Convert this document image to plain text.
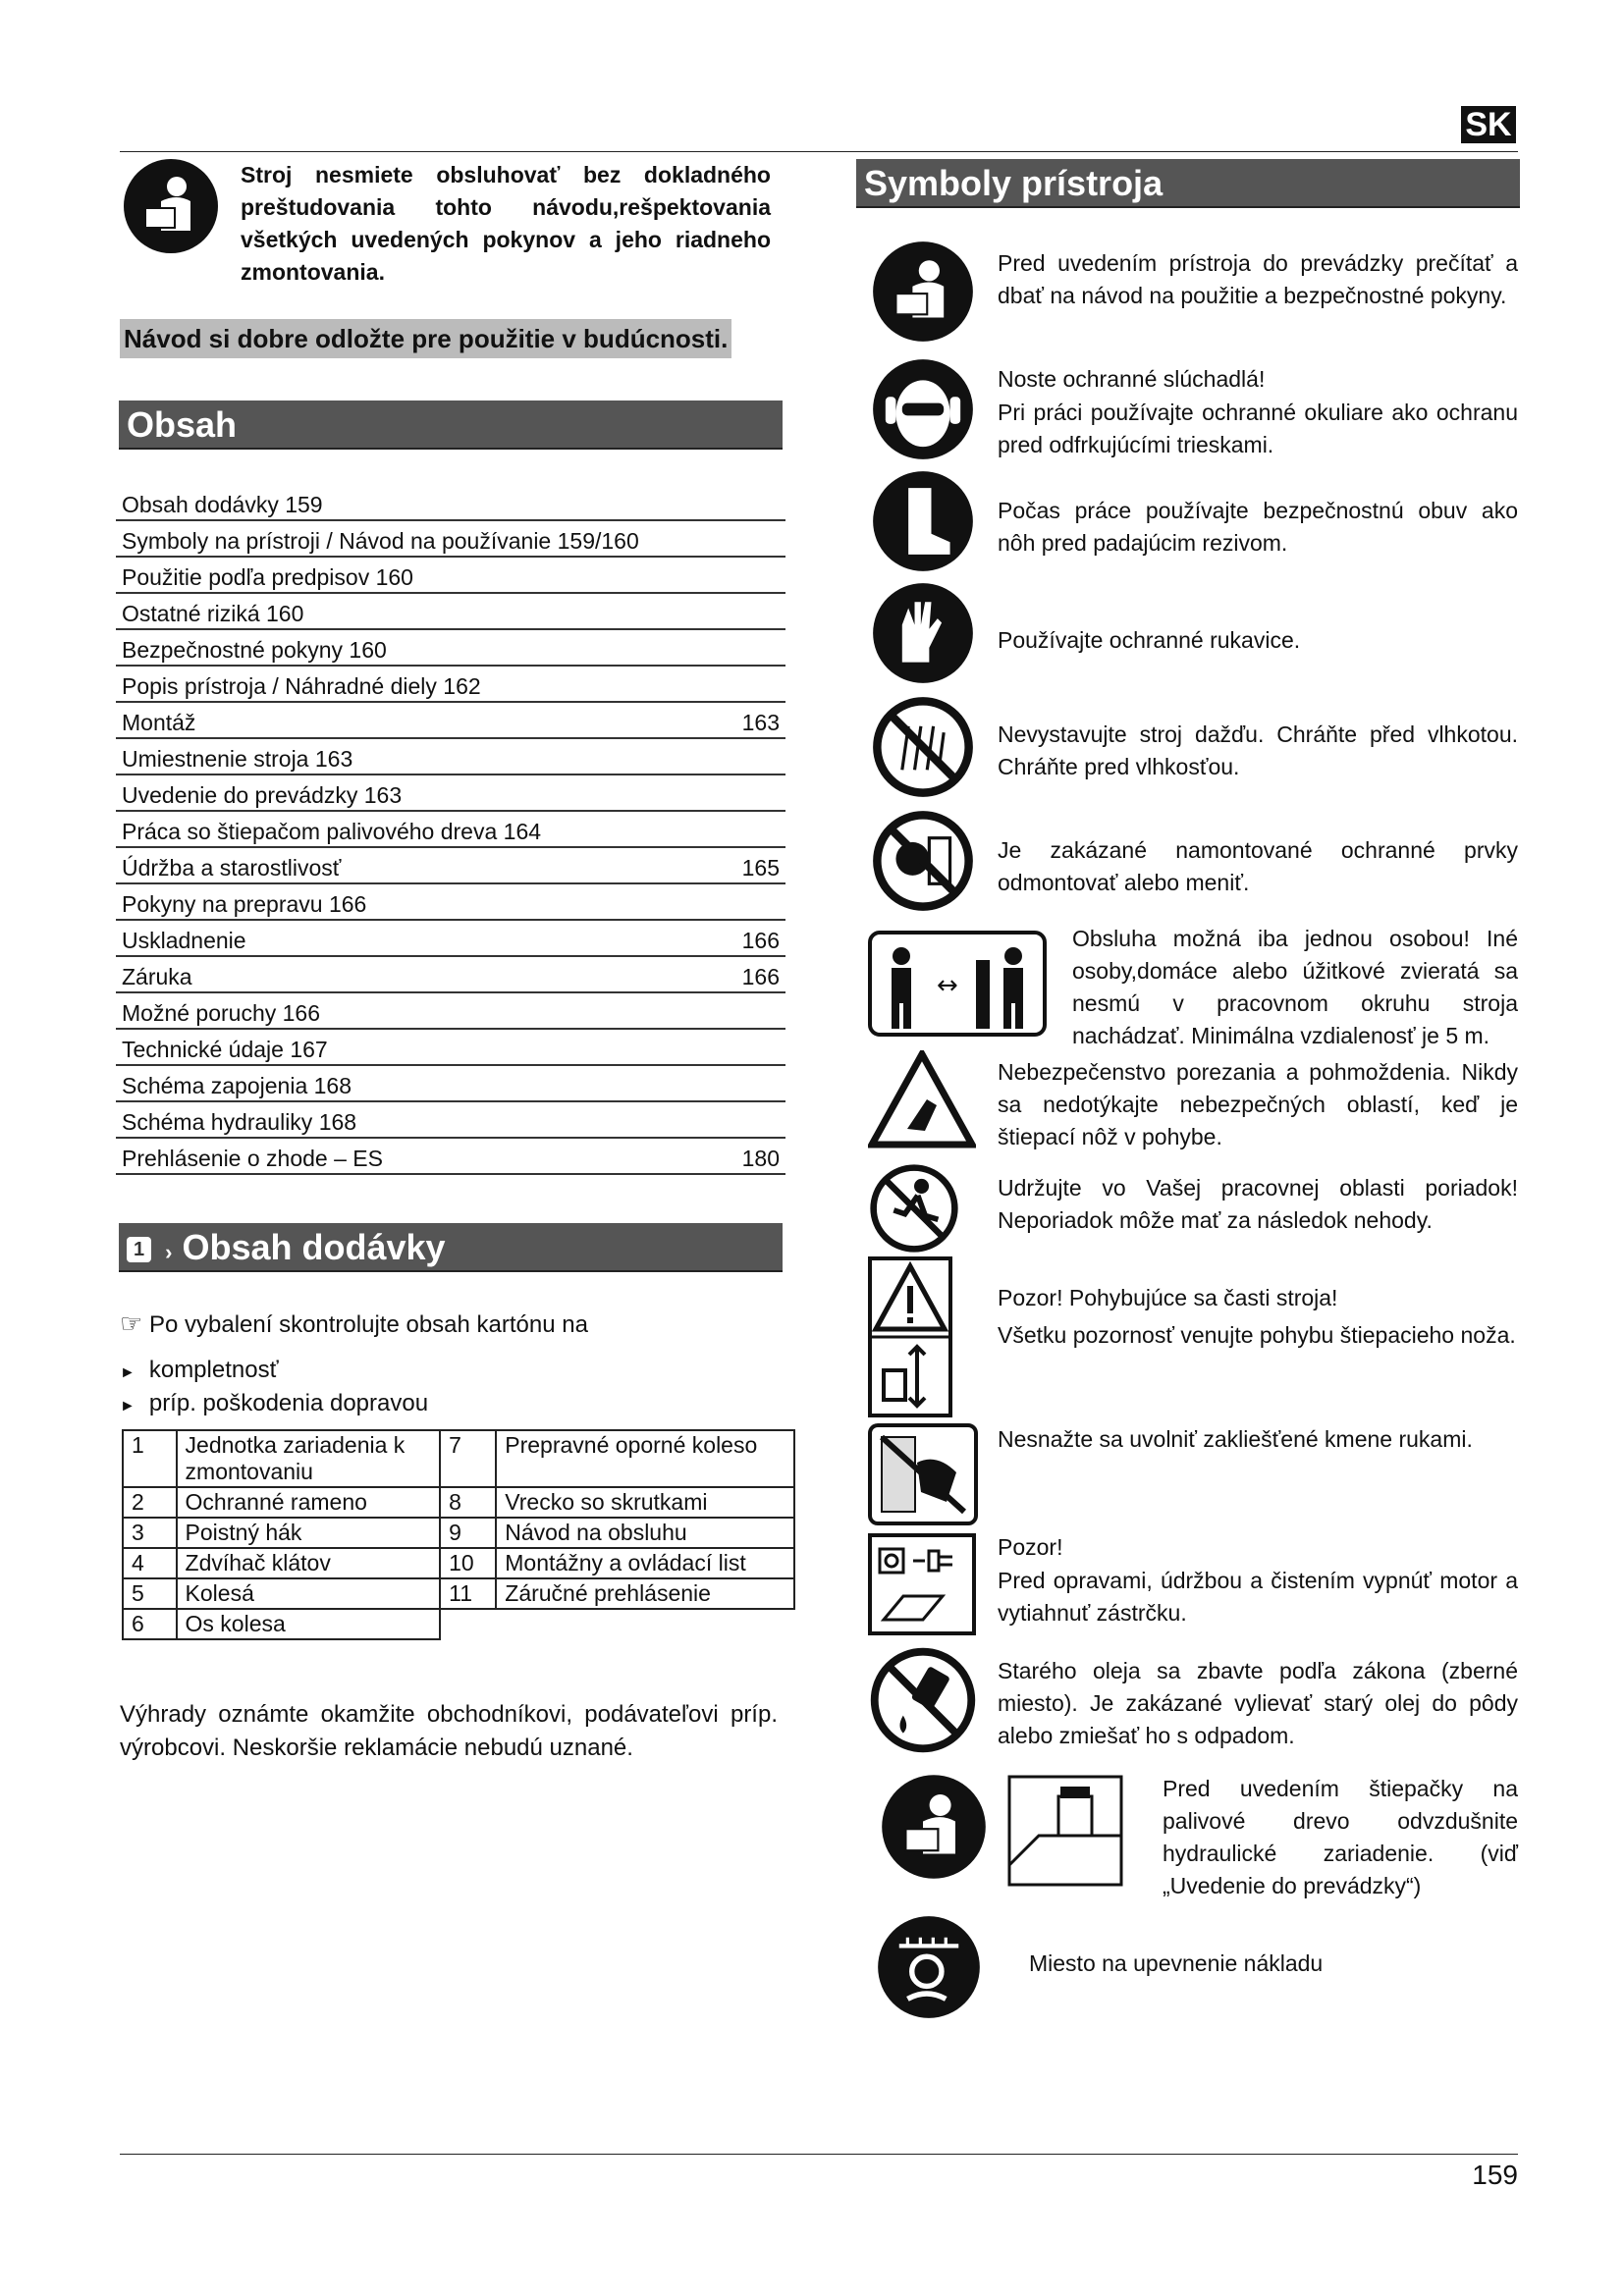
SK
Stroj nesmiete obsluhovať bez dokladného preštudovania tohto návodu,rešpektovania všetkých uvedených pokynov a jeho riadneho zmontovania.
Návod si dobre odložte pre použitie v budúcnosti.
Obsah
Obsah dodávky 159
Symboly na prístroji / Návod na používanie 159/160
Použitie podľa predpisov 160
Ostatné riziká 160
Bezpečnostné pokyny 160
Popis prístroja / Náhradné diely 162
Montáž	163
Umiestnenie stroja 163
Uvedenie do prevádzky 163
Práca so štiepačom palivového dreva 164
Údržba a starostlivosť	165
Pokyny na prepravu 166
Uskladnenie	166
Záruka	166
Možné poruchy 166
Technické údaje 167
Schéma zapojenia 168
Schéma hydrauliky 168
Prehlásenie o zhode – ES	180
1 › Obsah dodávky
☞ Po vybalení skontrolujte obsah kartónu na
► kompletnosť
► príp. poškodenia dopravou
1	Jednotka zariadenia k zmontovaniu	7	Prepravné oporné koleso
2	Ochranné rameno	8	Vrecko so skrutkami
3	Poistný hák	9	Návod na obsluhu
4	Zdvíhač klátov	10	Montážny a ovládací list
5	Kolesá	11	Záručné prehlásenie
6	Os kolesa		
Výhrady oznámte okamžite obchodníkovi, podávateľovi príp. výrobcovi. Neskoršie reklamácie nebudú uznané.
Symboly prístroja
Pred uvedením prístroja do prevádzky prečítať a dbať na návod na použitie a bezpečnostné pokyny.
Noste ochranné slúchadlá!
Pri práci používajte ochranné okuliare ako ochranu pred odfrkujúcími trieskami.
Počas práce používajte bezpečnostnú obuv ako nôh pred padajúcim rezivom.
Používajte ochranné rukavice.
Nevystavujte stroj dažďu. Chráňte před vlhkotou. Chráňte pred vlhkosťou.
Je zakázané namontované ochranné prvky odmontovať alebo meniť.
↔
Obsluha možná iba jednou osobou! Iné osoby,domáce alebo úžitkové zvieratá sa nesmú v pracovnom okruhu stroja nachádzať. Minimálna vzdialenosť je 5 m.
Nebezpečenstvo porezania a pohmoždenia. Nikdy sa nedotýkajte nebezpečných oblastí, keď je štiepací nôž v pohybe.
Udržujte vo Vašej pracovnej oblasti poriadok! Neporiadok môže mať za následok nehody.
Pozor! Pohybujúce sa časti stroja!
Všetku pozornosť venujte pohybu štiepacieho noža.
Nesnažte sa uvolniť zakliešťené kmene rukami.
Pozor!
Pred opravami, údržbou a čistením vypnúť motor a vytiahnuť zástrčku.
Starého oleja sa zbavte podľa zákona (zberné miesto). Je zakázané vylievať starý olej do pôdy alebo zmiešať ho s odpadom.
Pred uvedením štiepačky na palivové drevo odvzdušnite hydraulické zariadenie. (viď „Uvedenie do prevádzky“)
Miesto na upevnenie nákladu
159
